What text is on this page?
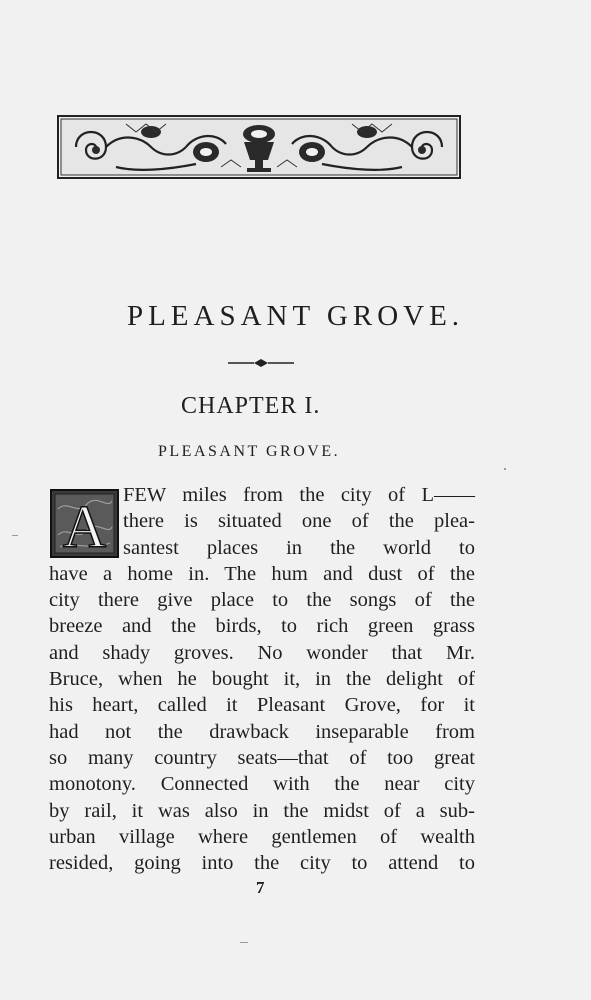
PLEASANT GROVE.
CHAPTER I.
PLEASANT GROVE.
A FEW miles from the city of L——
there is situated one of the plea-
santest places in the world to
have a home in. The hum and dust of the
city there give place to the songs of the
breeze and the birds, to rich green grass
and shady groves. No wonder that Mr.
Bruce, when he bought it, in the delight of
his heart, called it Pleasant Grove, for it
had not the drawback inseparable from
so many country seats—that of too great
monotony. Connected with the near city
by rail, it was also in the midst of a sub-
urban village where gentlemen of wealth
resided, going into the city to attend to
7
